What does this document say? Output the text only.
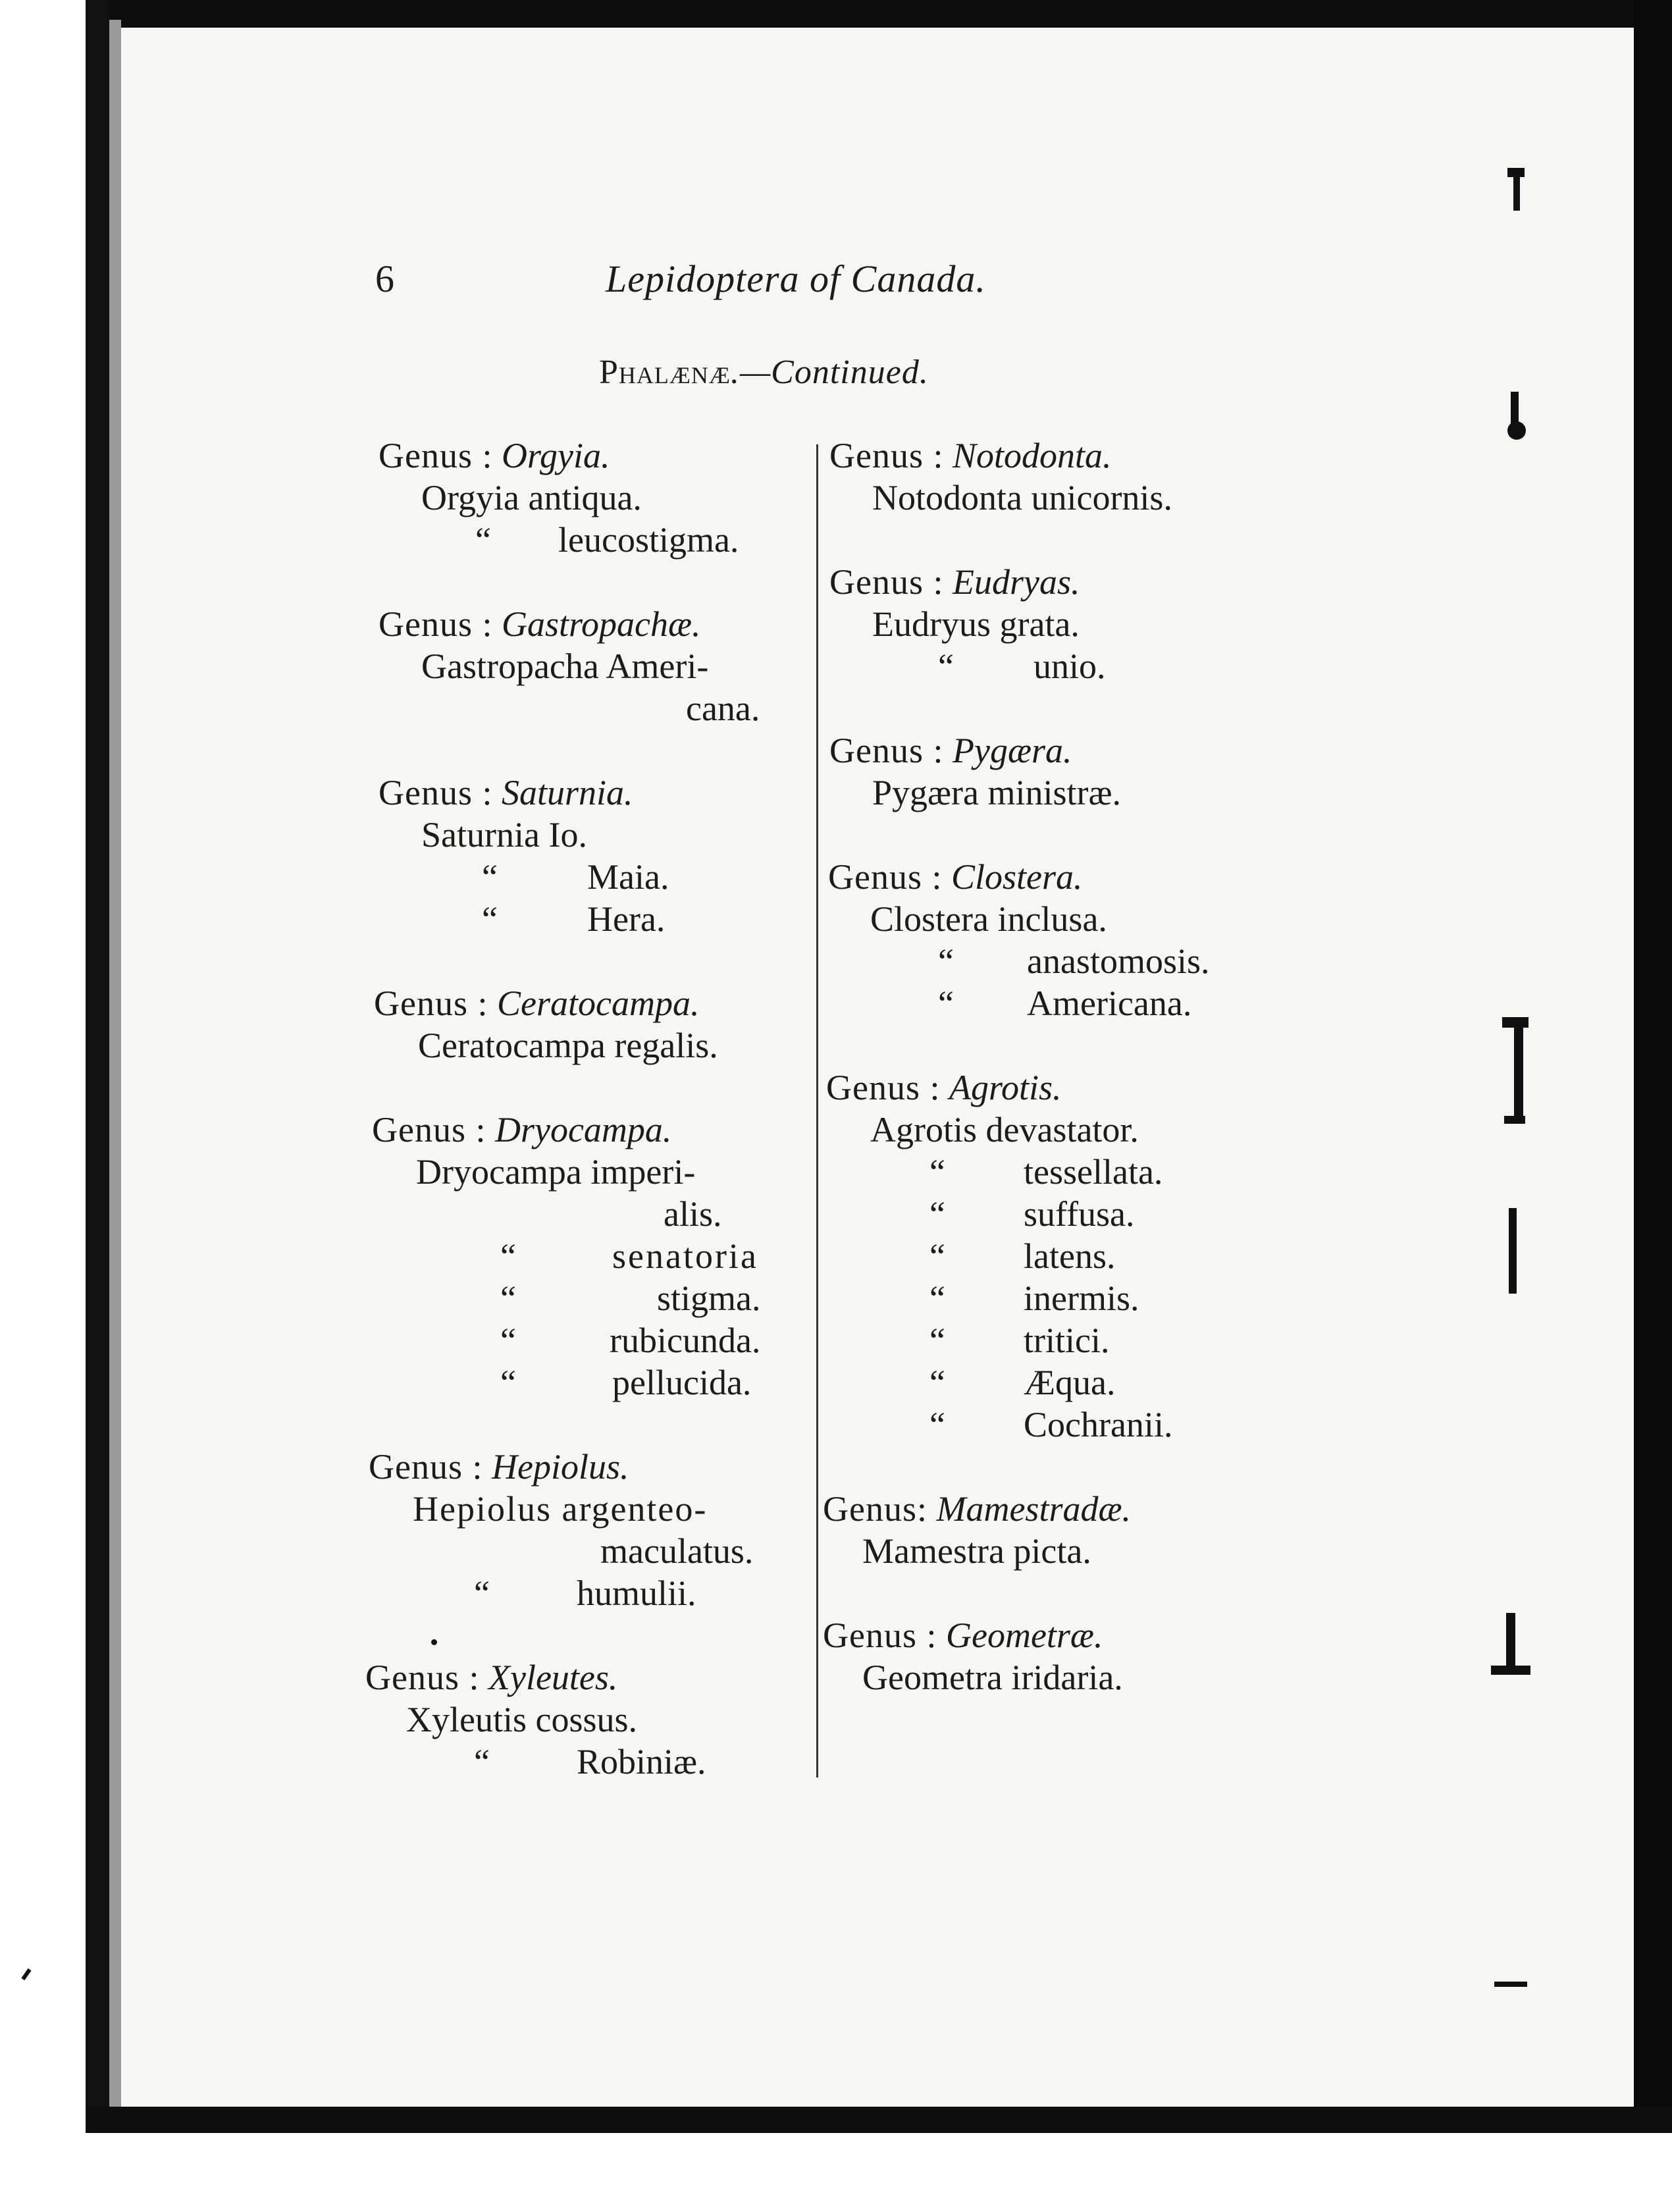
6	Lepidoptera of Canada.
Phalænæ.—Continued.
Genus : Orgyia.
Orgyia antiqua.
“ leucostigma.
Genus : Gastropachæ.
Gastropacha Ameri-
cana.
Genus : Saturnia.
Saturnia Io.
“	Maia.
“	Hera.
Genus : Ceratocampa.
Ceratocampa regalis.
Genus : Dryocampa.
Dryocampa imperi-
alis.
“	senatoria
“	stigma.
“	rubicunda.
“	pellucida.
Genus : Hepiolus.
Hepiolus argenteo-
maculatus.
“ humulii.
Genus : Xyleutes.
Xyleutis cossus.
“ Robiniæ.
Genus : Notodonta.
Notodonta unicornis.
Genus : Eudryas.
Eudryus grata.
“ unio.
Genus : Pygæra.
Pygæra ministræ.
Genus : Clostera.
Clostera inclusa.
“ anastomosis.
“ Americana.
Genus : Agrotis.
Agrotis devastator.
“ tessellata.
“ suffusa.
“ latens.
“ inermis.
“ tritici.
“ Æqua.
“ Cochranii.
Genus: Mamestradæ.
Mamestra picta.
Genus : Geometræ.
Geometra iridaria.
